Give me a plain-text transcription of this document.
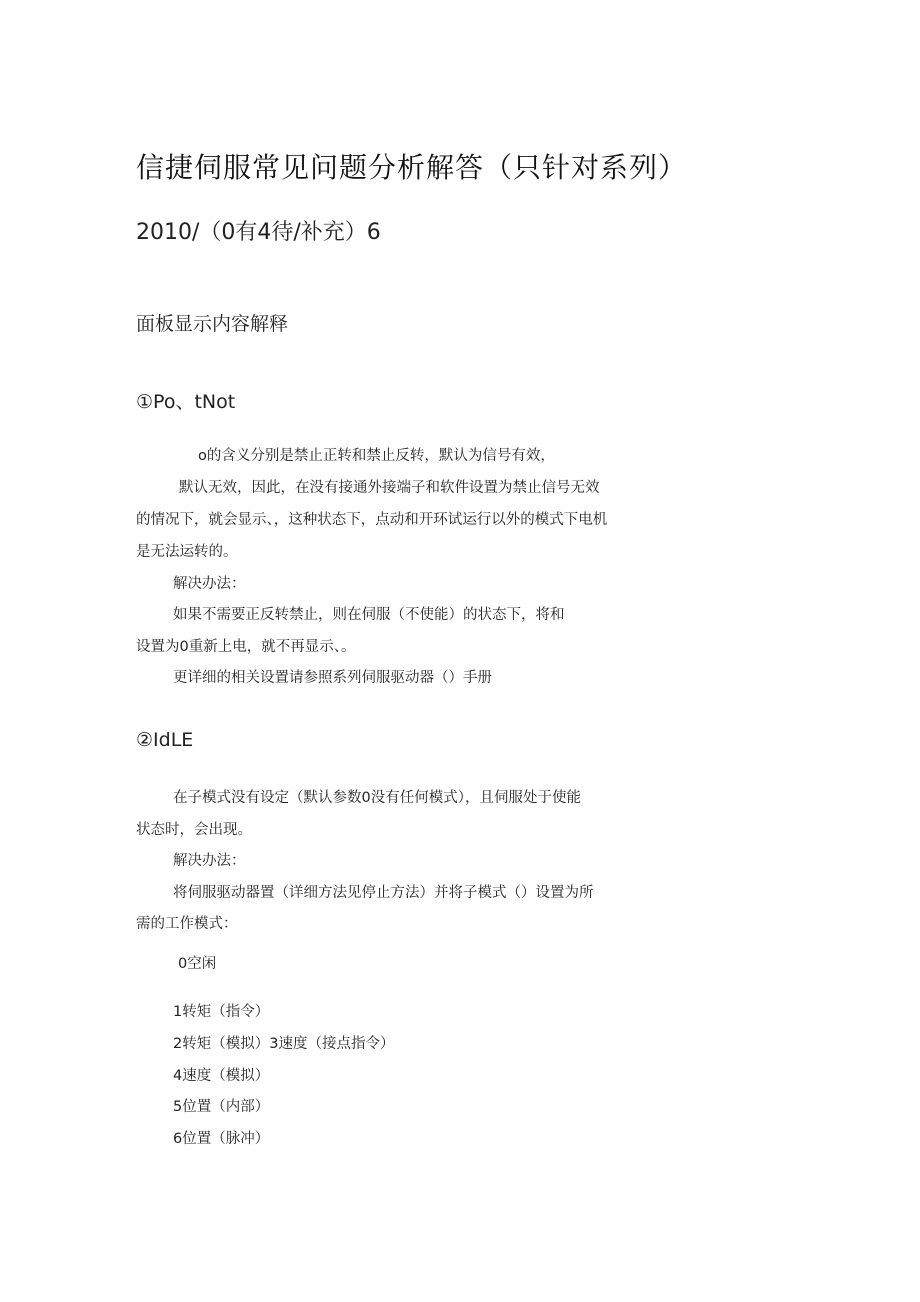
信捷伺服常见问题分析解答（只针对系列）
2010/（0有4待/补充）6
面板显示内容解释
①Po、tNot
o的含义分别是禁止正转和禁止反转，默认为信号有效，
默认无效，因此，在没有接通外接端子和软件设置为禁止信号无效
的情况下，就会显示、，这种状态下，点动和开环试运行以外的模式下电机
是无法运转的。
解决办法：
如果不需要正反转禁止，则在伺服（不使能）的状态下，将和
设置为0重新上电，就不再显示、。
更详细的相关设置请参照系列伺服驱动器（）手册
②IdLE
在子模式没有设定（默认参数0没有任何模式），且伺服处于使能
状态时，会出现。
解决办法：
将伺服驱动器置（详细方法见停止方法）并将子模式（）设置为所
需的工作模式：
0空闲
1转矩（指令）
2转矩（模拟）3速度（接点指令）
4速度（模拟）
5位置（内部）
6位置（脉冲）
